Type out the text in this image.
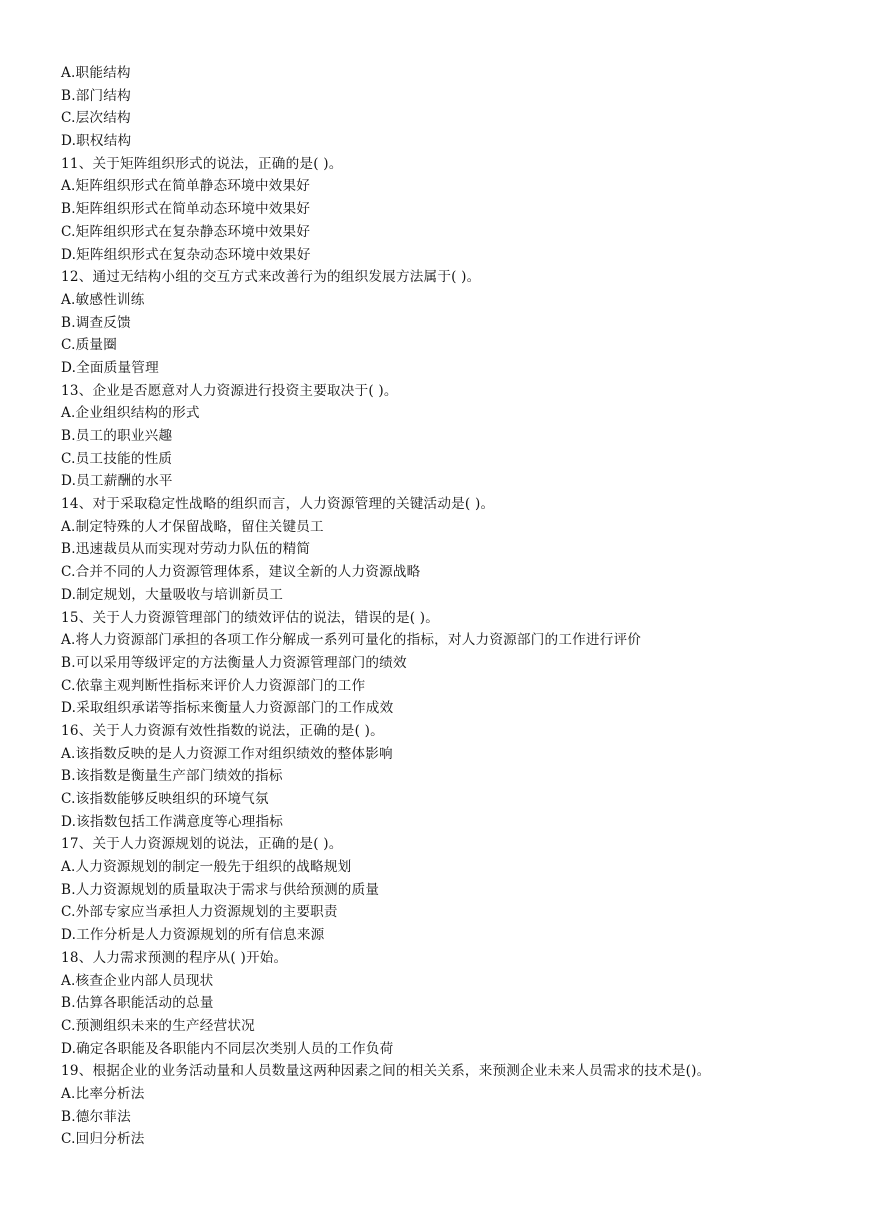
A.职能结构
B.部门结构
C.层次结构
D.职权结构
11、关于矩阵组织形式的说法，正确的是( )。
A.矩阵组织形式在简单静态环境中效果好
B.矩阵组织形式在简单动态环境中效果好
C.矩阵组织形式在复杂静态环境中效果好
D.矩阵组织形式在复杂动态环境中效果好
12、通过无结构小组的交互方式来改善行为的组织发展方法属于( )。
A.敏感性训练
B.调查反馈
C.质量圈
D.全面质量管理
13、企业是否愿意对人力资源进行投资主要取决于( )。
A.企业组织结构的形式
B.员工的职业兴趣
C.员工技能的性质
D.员工薪酬的水平
14、对于采取稳定性战略的组织而言，人力资源管理的关键活动是( )。
A.制定特殊的人才保留战略，留住关键员工
B.迅速裁员从而实现对劳动力队伍的精简
C.合并不同的人力资源管理体系，建议全新的人力资源战略
D.制定规划，大量吸收与培训新员工
15、关于人力资源管理部门的绩效评估的说法，错误的是( )。
A.将人力资源部门承担的各项工作分解成一系列可量化的指标，对人力资源部门的工作进行评价
B.可以采用等级评定的方法衡量人力资源管理部门的绩效
C.依靠主观判断性指标来评价人力资源部门的工作
D.采取组织承诺等指标来衡量人力资源部门的工作成效
16、关于人力资源有效性指数的说法，正确的是( )。
A.该指数反映的是人力资源工作对组织绩效的整体影响
B.该指数是衡量生产部门绩效的指标
C.该指数能够反映组织的环境气氛
D.该指数包括工作满意度等心理指标
17、关于人力资源规划的说法，正确的是( )。
A.人力资源规划的制定一般先于组织的战略规划
B.人力资源规划的质量取决于需求与供给预测的质量
C.外部专家应当承担人力资源规划的主要职责
D.工作分析是人力资源规划的所有信息来源
18、人力需求预测的程序从( )开始。
A.核查企业内部人员现状
B.估算各职能活动的总量
C.预测组织未来的生产经营状况
D.确定各职能及各职能内不同层次类别人员的工作负荷
19、根据企业的业务活动量和人员数量这两种因素之间的相关关系，来预测企业未来人员需求的技术是()。
A.比率分析法
B.德尔菲法
C.回归分析法
